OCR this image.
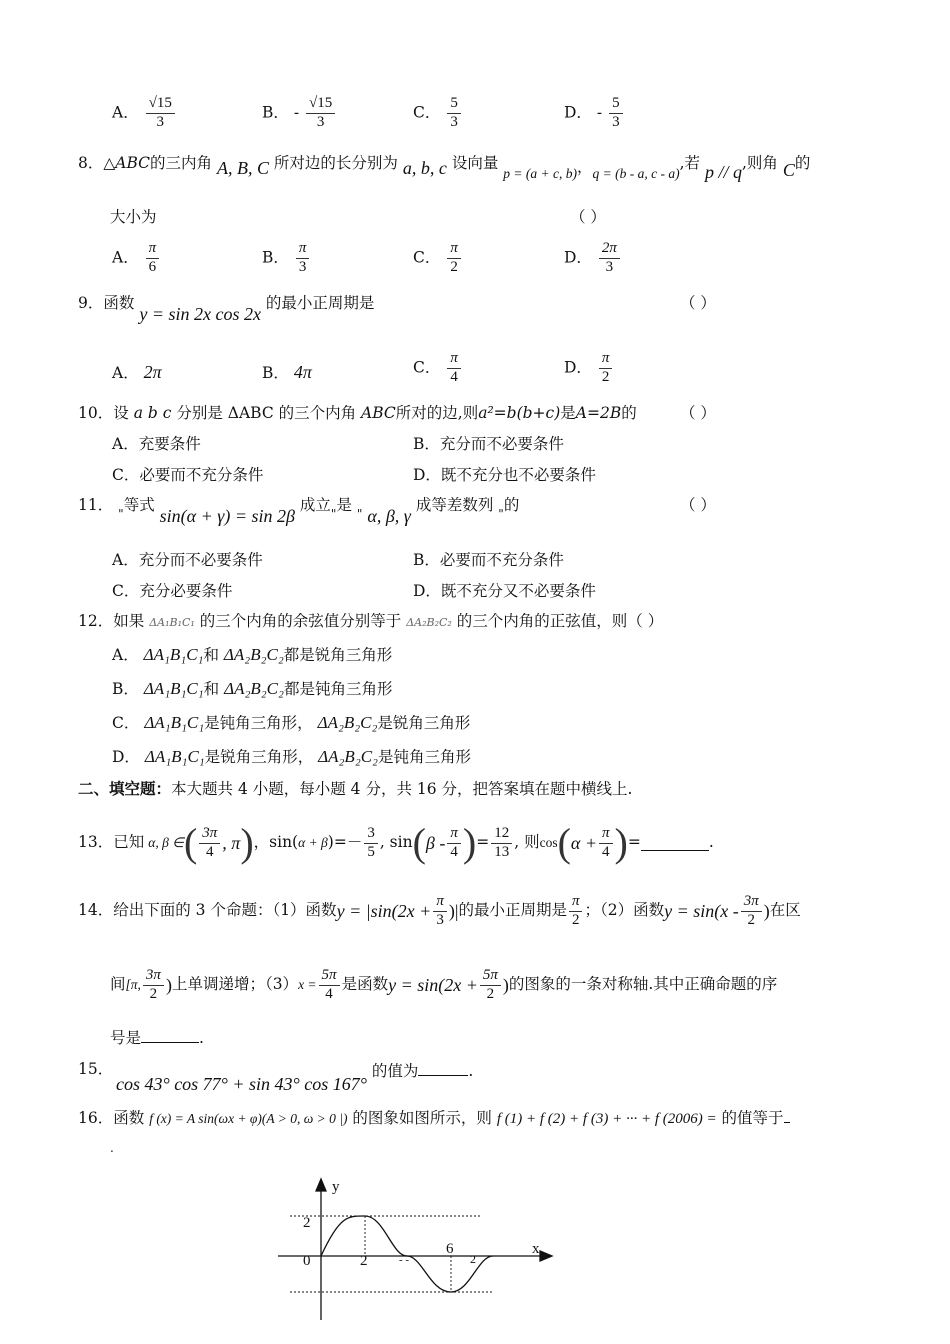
A． $\frac{√15}{3}$	B． - $\frac{√15}{3}$	C． $\frac{5}{3}$	D． - $\frac{5}{3}$
8．△ABC的三内角 A, B, C 所对边的长分别为 a, b, c 设向量 p = (a + c, b)，q = (b - a, c - a),若 p // q,则角 C的
大小为	（ ）
A． $\frac{\pi}{6}$	B． $\frac{\pi}{3}$	C． $\frac{\pi}{2}$	D． $\frac{2\pi}{3}$
9．函数 y = sin 2x cos 2x 的最小正周期是	（ ）
A． 2π	B． 4π	C． $\frac{\pi}{4}$	D． $\frac{\pi}{2}$
10．设 a b c 分别是 ΔABC 的三个内角 ABC所对的边,则a²=b(b+c)是A=2B的	（ ）
A．充要条件	B．充分而不必要条件
C．必要而不充分条件	D．既不充分也不必要条件
11． $_"$等式 sin(α + γ) = sin 2β 成立$_"$是 $_"$ α, β, γ 成等差数列 $_"$的	（ ）
A．充分而不必要条件	B．必要而不充分条件
C．充分必要条件	D．既不充分又不必要条件
12．如果 ΔA₁B₁C₁ 的三个内角的余弦值分别等于 ΔA₂B₂C₂ 的三个内角的正弦值，则（ ）
A． ΔA₁B₁C₁和 ΔA₂B₂C₂都是锐角三角形
B． ΔA₁B₁C₁和 ΔA₂B₂C₂都是钝角三角形
C． ΔA₁B₁C₁是钝角三角形， ΔA₂B₂C₂是锐角三角形
D． ΔA₁B₁C₁是锐角三角形， ΔA₂B₂C₂是钝角三角形
二、填空题：本大题共 4 小题，每小题 4 分，共 16 分，把答案填在题中横线上.
13． 已知 α, β ∈ ( $\frac{3\pi}{4}$ , π ) ，sin( α + β )=－ $\frac{3}{5}$ , sin ( β - $\frac{\pi}{4}$ ) = $\frac{12}{13}$ , 则 cos ( $\alpha + \frac{\pi}{4}$ ) =	.
14． 给出下面的 3 个命题：（1）函数 $y = |\sin(2x + \frac{\pi}{3}$ )| 的最小正周期是 $\frac{\pi}{2}$ ；（2）函数 $y = \sin(x - \frac{3\pi}{2}$ ) 在区
间 [π, $\frac{3\pi}{2}$ ) 上单调递增；（3） $x = \frac{5\pi}{4}$ 是函数 $y = \sin(2x + \frac{5\pi}{2}$ ) 的图象的一条对称轴.其中正确命题的序
号是	.
15．
cos 43° cos 77° + sin 43° cos 167° 的值为	.
16．函数 f (x) = A sin(ωx + φ)(A > 0, ω > 0 |) 的图象如图所示，则 f (1) + f (2) + f (3) + ··· + f (2006) = 的值等于
.
y
x
2
0	2
6
- -	2
